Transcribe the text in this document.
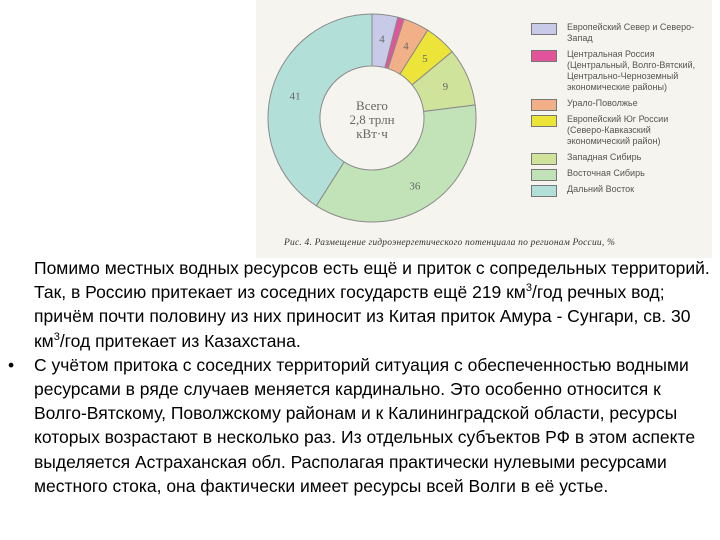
4
4
5
9
36
41
Всего
2,8 трлн
кВт·ч
Европейский Север и Северо-Запад
Центральная Россия (Центральный, Волго-Вятский, Центрально-Черноземный экономические районы)
Урало-Поволжье
Европейский Юг России (Северо-Кавказский экономический район)
Западная Сибирь
Восточная Сибирь
Дальний Восток
Рис. 4. Размещение гидроэнергетического потенциала по регионам России, %

Помимо местных водных ресурсов есть ещё и приток с сопредельных территорий. Так, в Россию притекает из соседних государств ещё 219 $км^3$/год речных вод; причём почти половину из них приносит из Китая приток Амура - Сунгари, св. 30 $км^3$/год притекает из Казахстана.

• С учётом притока с соседних территорий ситуация с обеспеченностью водными ресурсами в ряде случаев меняется кардинально. Это особенно относится к Волго-Вятскому, Поволжскому районам и к Калининградской области, ресурсы которых возрастают в несколько раз. Из отдельных субъектов РФ в этом аспекте выделяется Астраханская обл. Располагая практически нулевыми ресурсами местного стока, она фактически имеет ресурсы всей Волги в её устье.
